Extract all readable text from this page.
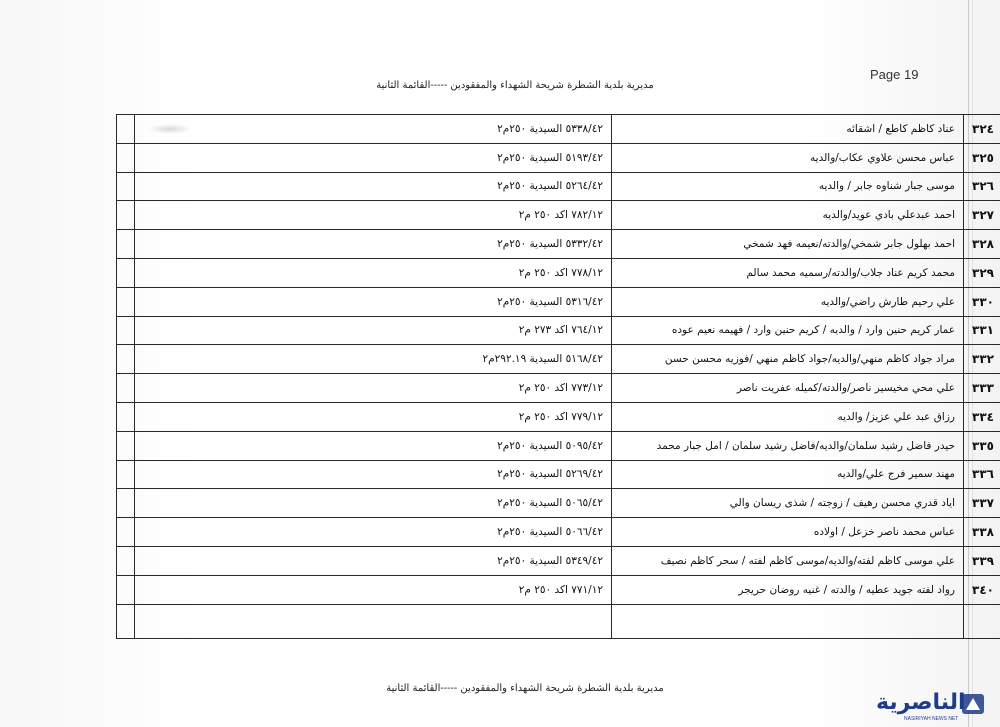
Page 19
مديرية بلدية الشطرة شريحة الشهداء والمفقودين -----القائمة الثانية
٣٢٤	عناد كاظم كاطع / اشقائه	٥٣٣٨/٤٢ السيدية ٢٥٠م٢	
٣٢٥	عباس محسن علاوي عكاب/والديه	٥١٩٣/٤٢ السيدية ٢٥٠م٢	
٣٢٦	موسى جبار شناوه جابر / والديه	٥٢٦٤/٤٢ السيدية ٢٥٠م٢	
٣٢٧	احمد عبدعلي بادي عويد/والديه	٧٨٢/١٢ اكد ٢٥٠ م٢	
٣٢٨	احمد بهلول جابر شمخي/والدته/نعيمه فهد شمخي	٥٣٣٢/٤٢ السيدية ٢٥٠م٢	
٣٢٩	محمد كريم عناد جلاب/والدته/رسميه محمد سالم	٧٧٨/١٢ اكد ٢٥٠ م٢	
٣٣٠	علي رحيم طارش راضي/والديه	٥٣١٦/٤٢ السيدية ٢٥٠م٢	
٣٣١	عمار كريم حنين وارد / والديه / كريم حنين وارد / فهيمه نعيم عوده	٧٦٤/١٢ اكد ٢٧٣ م٢	
٣٣٢	مراد جواد كاظم منهي/والديه/جواد كاظم منهي /فوزيه محسن حسن	٥١٦٨/٤٢ السيدية ٢٩٢.١٩م٢	
٣٣٣	علي محي مخيسير ناصر/والدته/كميله عفريت ناصر	٧٧٣/١٢ اكد ٢٥٠ م٢	
٣٣٤	رزاق عبد علي عزيز/ والديه	٧٧٩/١٢ اكد ٢٥٠ م٢	
٣٣٥	حيدر فاضل رشيد سلمان/والديه/فاضل رشيد سلمان / امل جبار محمد	٥٠٩٥/٤٢ السيدية ٢٥٠م٢	
٣٣٦	مهند سمير فرج علي/والديه	٥٢٦٩/٤٢ السيدية ٢٥٠م٢	
٣٣٧	اياد قدري محسن رهيف / زوجته / شذى ريسان والي	٥٠٦٥/٤٢ السيدية ٢٥٠م٢	
٣٣٨	عباس محمد ناصر خزعل / اولاده	٥٠٦٦/٤٢ السيدية ٢٥٠م٢	
٣٣٩	علي موسى كاظم لفته/والديه/موسى كاظم لفته / سحر كاظم نصيف	٥٣٤٩/٤٢ السيدية ٢٥٠م٢	
٣٤٠	رواد لفته جويد عطيه / والدته / غنيه روضان حريجر	٧٧١/١٢ اكد ٢٥٠ م٢	

مديرية بلدية الشطرة شريحة الشهداء والمفقودين -----القائمة الثانية
الناصرية
NASIRIYAH NEWS NET
